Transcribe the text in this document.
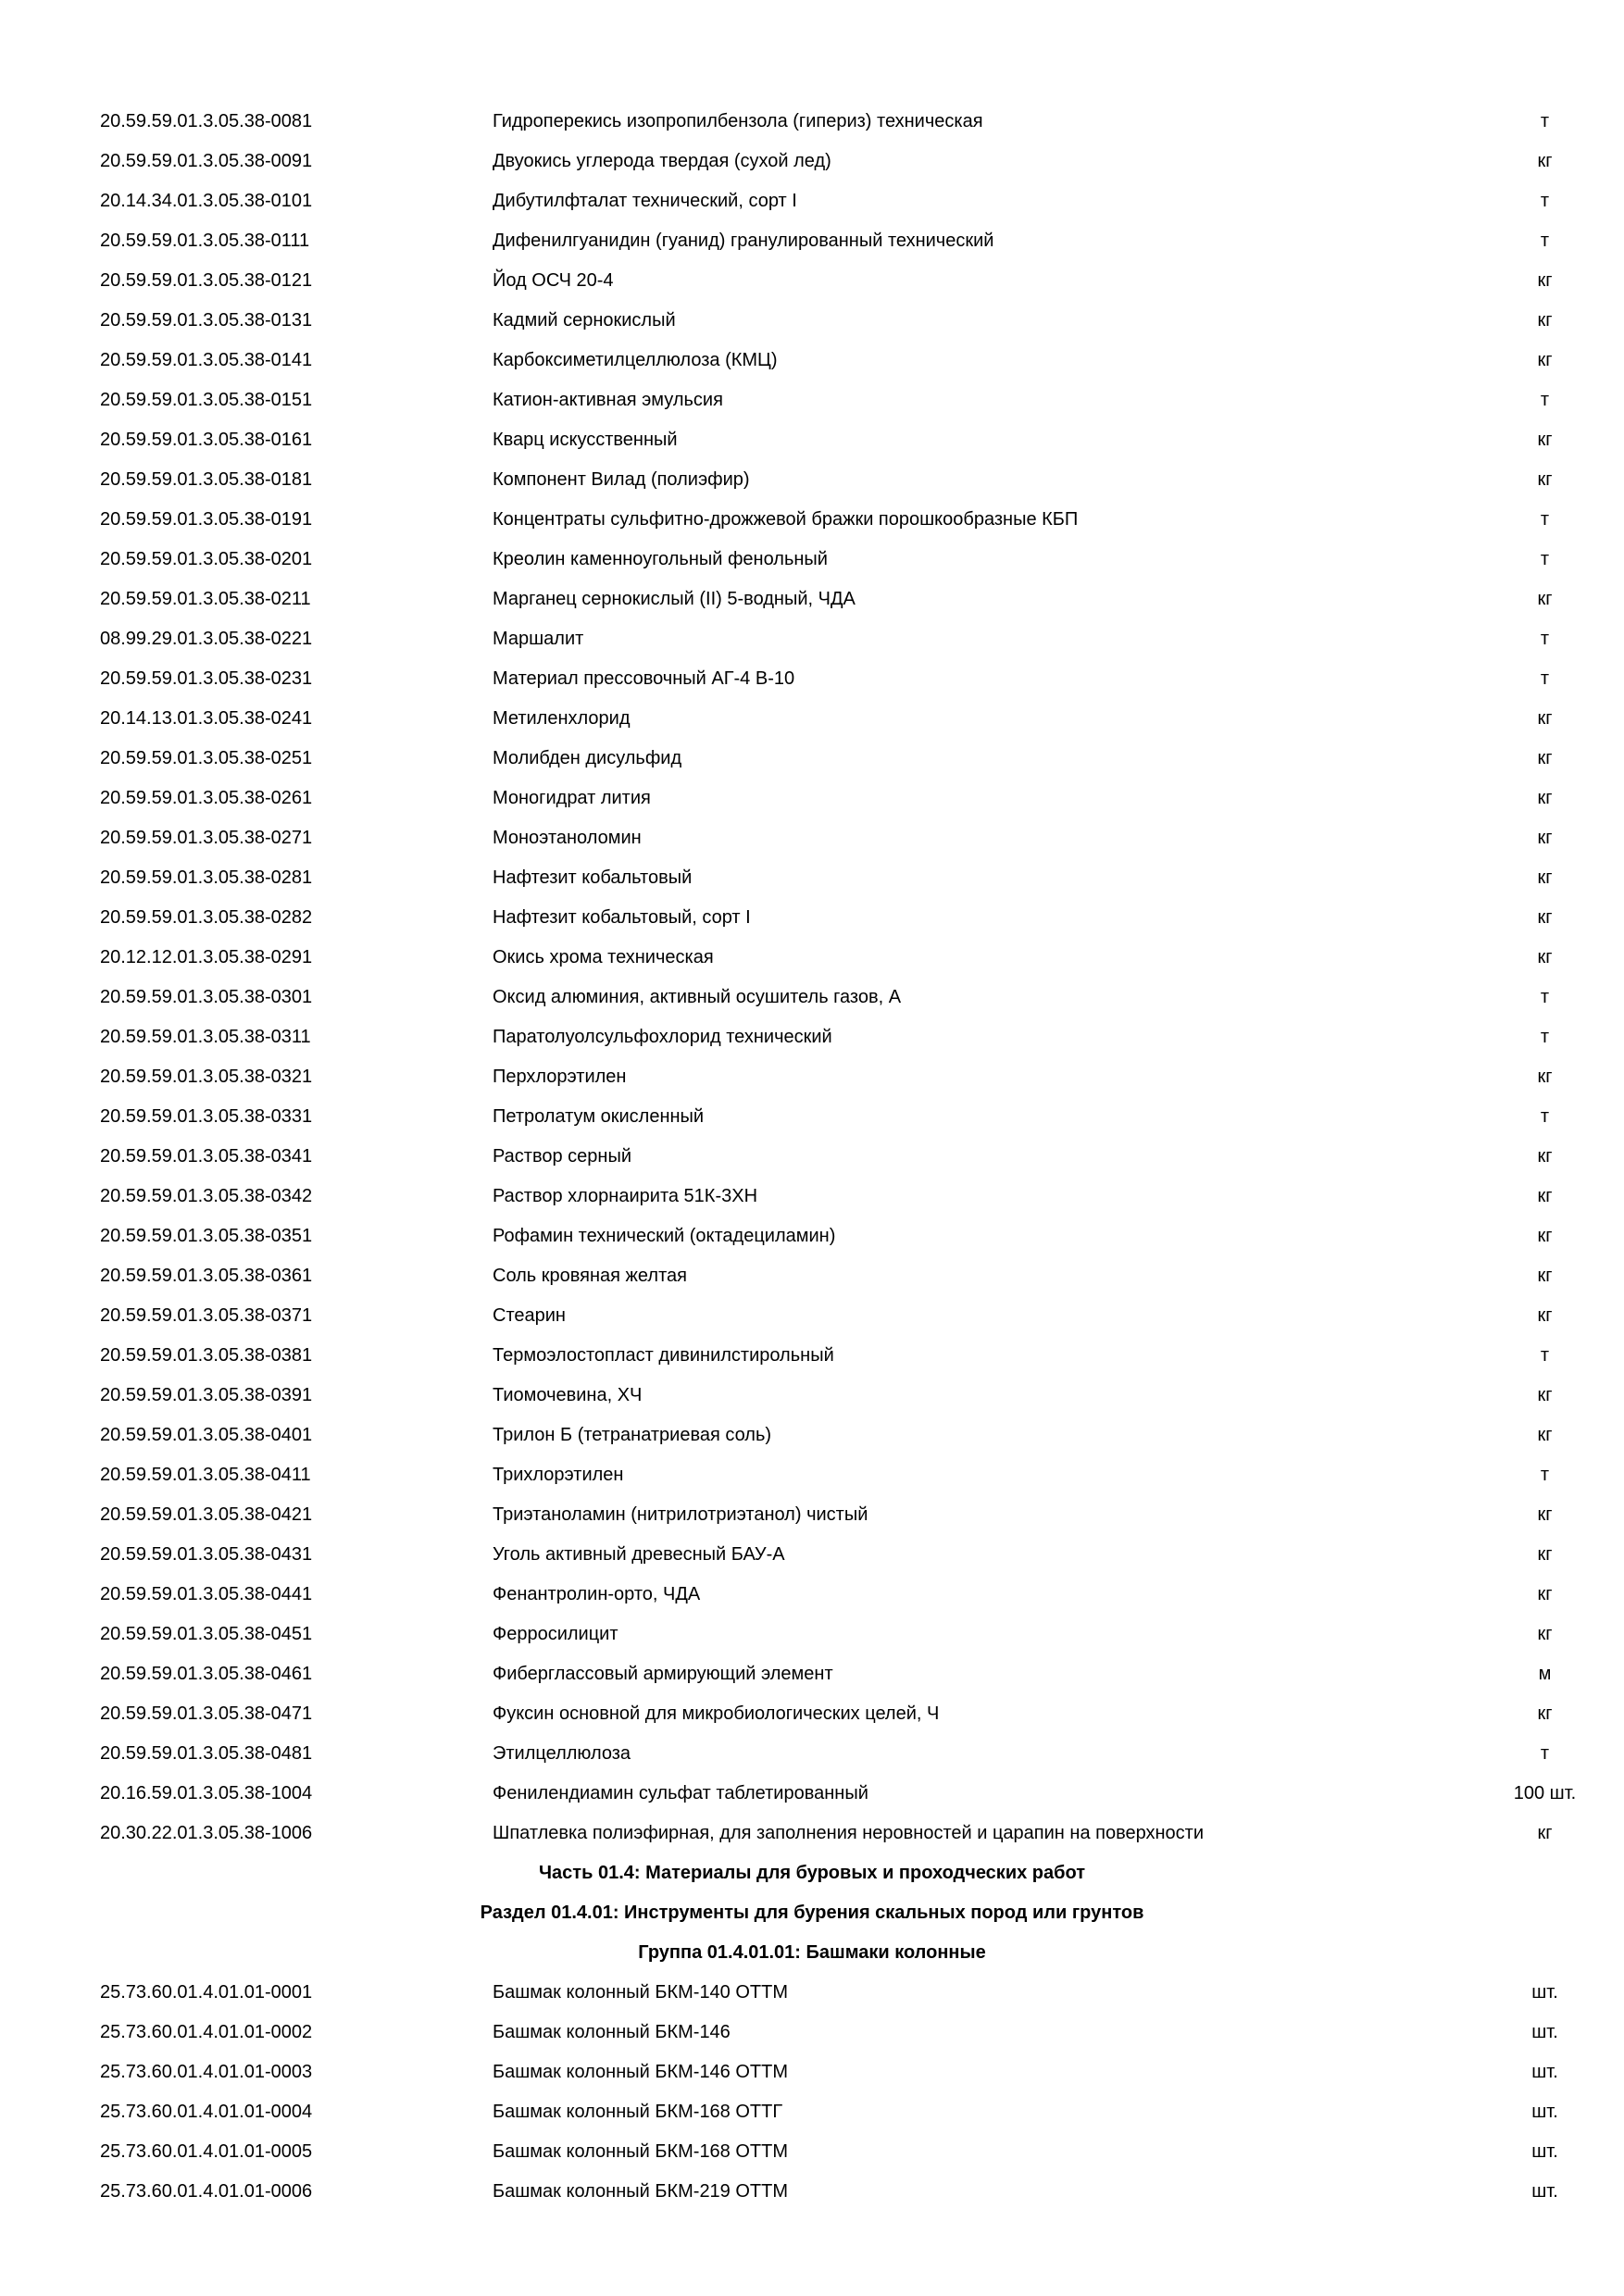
20.59.59.01.3.05.38-0081	Гидроперекись изопропилбензола (гипериз) техническая	т
20.59.59.01.3.05.38-0091	Двуокись углерода твердая (сухой лед)	кг
20.14.34.01.3.05.38-0101	Дибутилфталат технический, сорт I	т
20.59.59.01.3.05.38-0111	Дифенилгуанидин (гуанид) гранулированный технический	т
20.59.59.01.3.05.38-0121	Йод ОСЧ 20-4	кг
20.59.59.01.3.05.38-0131	Кадмий сернокислый	кг
20.59.59.01.3.05.38-0141	Карбоксиметилцеллюлоза (КМЦ)	кг
20.59.59.01.3.05.38-0151	Катион-активная эмульсия	т
20.59.59.01.3.05.38-0161	Кварц искусственный	кг
20.59.59.01.3.05.38-0181	Компонент Вилад (полиэфир)	кг
20.59.59.01.3.05.38-0191	Концентраты сульфитно-дрожжевой бражки порошкообразные КБП	т
20.59.59.01.3.05.38-0201	Креолин каменноугольный фенольный	т
20.59.59.01.3.05.38-0211	Марганец сернокислый (II) 5-водный, ЧДА	кг
08.99.29.01.3.05.38-0221	Маршалит	т
20.59.59.01.3.05.38-0231	Материал прессовочный АГ-4 В-10	т
20.14.13.01.3.05.38-0241	Метиленхлорид	кг
20.59.59.01.3.05.38-0251	Молибден дисульфид	кг
20.59.59.01.3.05.38-0261	Моногидрат лития	кг
20.59.59.01.3.05.38-0271	Моноэтаноломин	кг
20.59.59.01.3.05.38-0281	Нафтезит кобальтовый	кг
20.59.59.01.3.05.38-0282	Нафтезит кобальтовый, сорт I	кг
20.12.12.01.3.05.38-0291	Окись хрома техническая	кг
20.59.59.01.3.05.38-0301	Оксид алюминия, активный осушитель газов, А	т
20.59.59.01.3.05.38-0311	Паратолуолсульфохлорид технический	т
20.59.59.01.3.05.38-0321	Перхлорэтилен	кг
20.59.59.01.3.05.38-0331	Петролатум окисленный	т
20.59.59.01.3.05.38-0341	Раствор серный	кг
20.59.59.01.3.05.38-0342	Раствор хлорнаирита 51К-3ХН	кг
20.59.59.01.3.05.38-0351	Рофамин технический (октадециламин)	кг
20.59.59.01.3.05.38-0361	Соль кровяная желтая	кг
20.59.59.01.3.05.38-0371	Стеарин	кг
20.59.59.01.3.05.38-0381	Термоэлостопласт дивинилстирольный	т
20.59.59.01.3.05.38-0391	Тиомочевина, ХЧ	кг
20.59.59.01.3.05.38-0401	Трилон Б (тетранатриевая соль)	кг
20.59.59.01.3.05.38-0411	Трихлорэтилен	т
20.59.59.01.3.05.38-0421	Триэтаноламин (нитрилотриэтанол) чистый	кг
20.59.59.01.3.05.38-0431	Уголь активный древесный БАУ-А	кг
20.59.59.01.3.05.38-0441	Фенантролин-орто, ЧДА	кг
20.59.59.01.3.05.38-0451	Ферросилицит	кг
20.59.59.01.3.05.38-0461	Фиберглассовый армирующий элемент	м
20.59.59.01.3.05.38-0471	Фуксин основной для микробиологических целей, Ч	кг
20.59.59.01.3.05.38-0481	Этилцеллюлоза	т
20.16.59.01.3.05.38-1004	Фенилендиамин сульфат таблетированный	100 шт.
20.30.22.01.3.05.38-1006	Шпатлевка полиэфирная, для заполнения неровностей и царапин на поверхности	кг
Часть 01.4: Материалы для буровых и проходческих работ
Раздел 01.4.01: Инструменты для бурения скальных пород или грунтов
Группа 01.4.01.01: Башмаки колонные
25.73.60.01.4.01.01-0001	Башмак колонный БКМ-140 ОТТМ	шт.
25.73.60.01.4.01.01-0002	Башмак колонный БКМ-146	шт.
25.73.60.01.4.01.01-0003	Башмак колонный БКМ-146 ОТТМ	шт.
25.73.60.01.4.01.01-0004	Башмак колонный БКМ-168 ОТТГ	шт.
25.73.60.01.4.01.01-0005	Башмак колонный БКМ-168 ОТТМ	шт.
25.73.60.01.4.01.01-0006	Башмак колонный БКМ-219 ОТТМ	шт.
